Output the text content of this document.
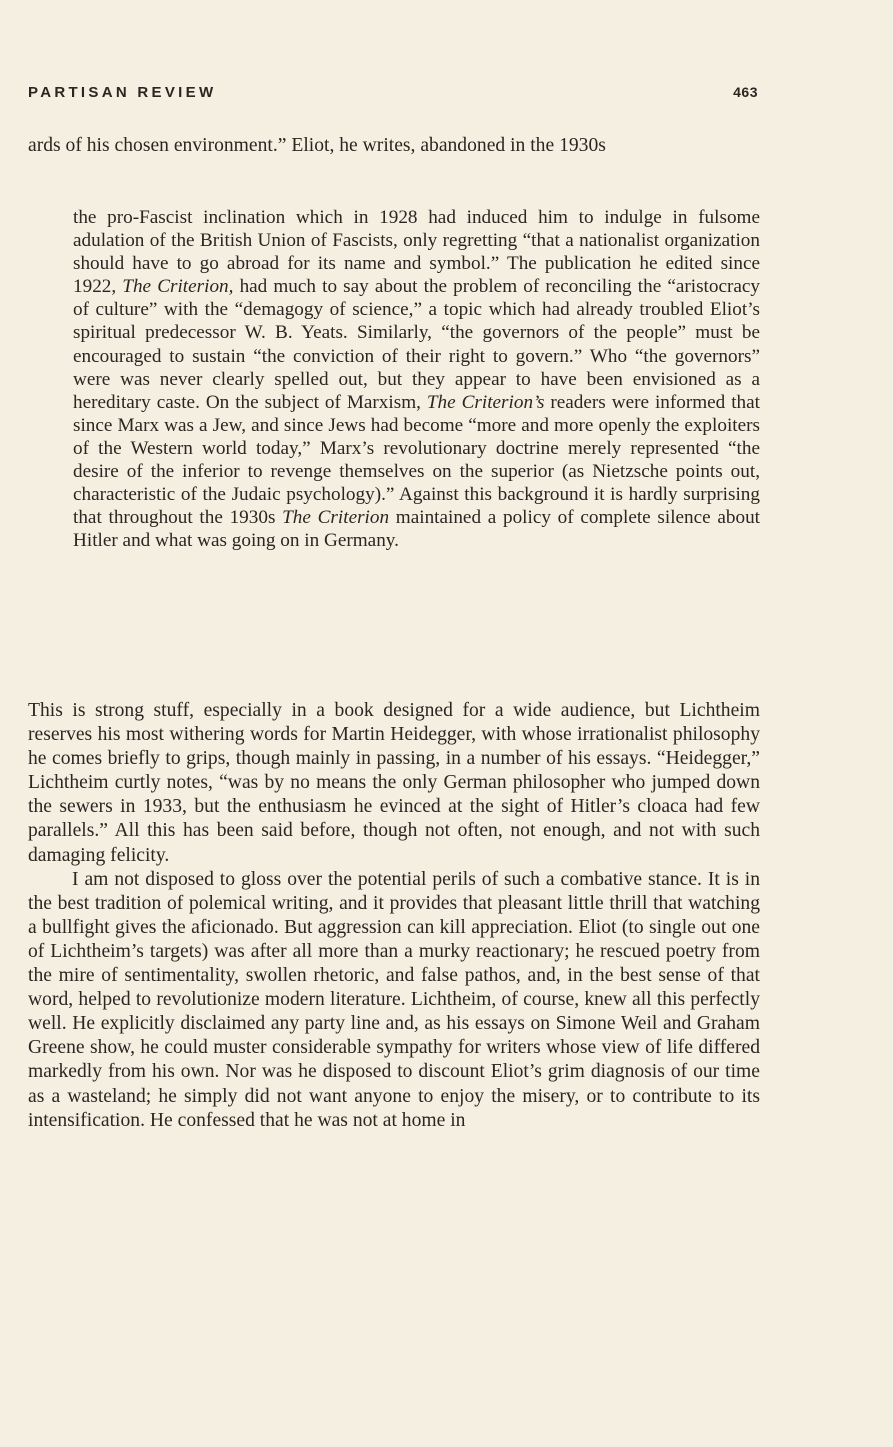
PARTISAN REVIEW	463

ards of his chosen environment.” Eliot, he writes, abandoned in the 1930s

the pro-Fascist inclination which in 1928 had induced him to indulge in fulsome adulation of the British Union of Fascists, only regretting “that a nationalist organization should have to go abroad for its name and symbol.” The publication he edited since 1922, The Criterion, had much to say about the problem of reconciling the “aristocracy of culture” with the “demagogy of science,” a topic which had already troubled Eliot’s spiritual predecessor W. B. Yeats. Similarly, “the governors of the people” must be encouraged to sustain “the conviction of their right to govern.” Who “the governors” were was never clearly spelled out, but they appear to have been envisioned as a hereditary caste. On the subject of Marxism, The Criterion’s readers were informed that since Marx was a Jew, and since Jews had become “more and more openly the exploiters of the Western world today,” Marx’s revolutionary doctrine merely represented “the desire of the inferior to revenge themselves on the superior (as Nietzsche points out, characteristic of the Judaic psychology).” Against this background it is hardly surprising that throughout the 1930s The Criterion maintained a policy of complete silence about Hitler and what was going on in Germany.

This is strong stuff, especially in a book designed for a wide audience, but Lichtheim reserves his most withering words for Martin Heidegger, with whose irrationalist philosophy he comes briefly to grips, though mainly in passing, in a number of his essays. “Heidegger,” Lichtheim curtly notes, “was by no means the only German philosopher who jumped down the sewers in 1933, but the enthusiasm he evinced at the sight of Hitler’s cloaca had few parallels.” All this has been said before, though not often, not enough, and not with such damaging felicity.

I am not disposed to gloss over the potential perils of such a combative stance. It is in the best tradition of polemical writing, and it provides that pleasant little thrill that watching a bullfight gives the aficionado. But aggression can kill appreciation. Eliot (to single out one of Lichtheim’s targets) was after all more than a murky reactionary; he rescued poetry from the mire of sentimentality, swollen rhetoric, and false pathos, and, in the best sense of that word, helped to revolutionize modern literature. Lichtheim, of course, knew all this perfectly well. He explicitly disclaimed any party line and, as his essays on Simone Weil and Graham Greene show, he could muster considerable sympathy for writers whose view of life differed markedly from his own. Nor was he disposed to discount Eliot’s grim diagnosis of our time as a wasteland; he simply did not want anyone to enjoy the misery, or to contribute to its intensification. He confessed that he was not at home in
